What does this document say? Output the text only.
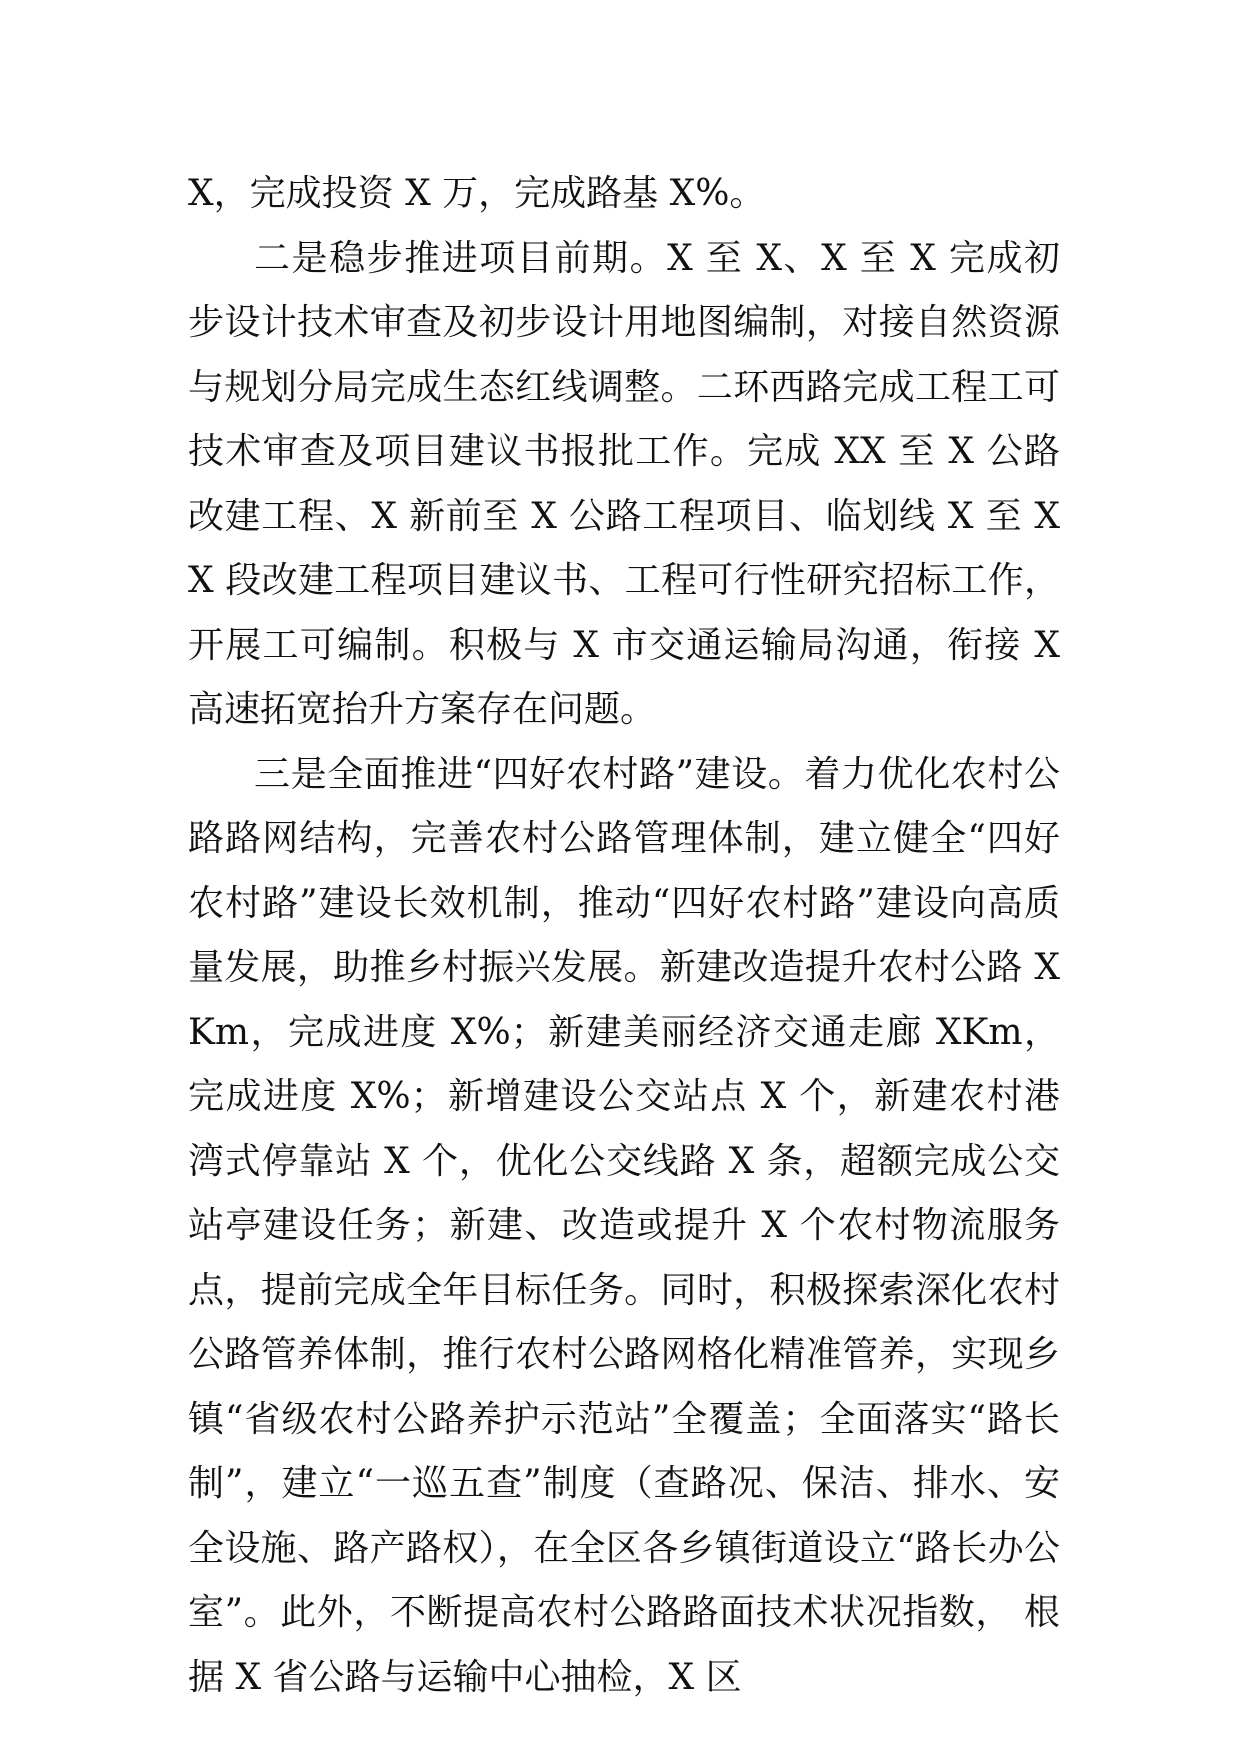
X，完成投资 X 万，完成路基 X%。

二是稳步推进项目前期。X 至 X、X 至 X 完成初步设计技术审查及初步设计用地图编制，对接自然资源与规划分局完成生态红线调整。二环西路完成工程工可技术审查及项目建议书报批工作。完成 XX 至 X 公路改建工程、X 新前至 X 公路工程项目、临划线 X 至 XX 段改建工程项目建议书、工程可行性研究招标工作，开展工可编制。积极与 X 市交通运输局沟通，衔接 X 高速拓宽抬升方案存在问题。

三是全面推进“四好农村路”建设。着力优化农村公路路网结构，完善农村公路管理体制，建立健全“四好农村路”建设长效机制，推动“四好农村路”建设向高质量发展，助推乡村振兴发展。新建改造提升农村公路 XKm，完成进度 X%；新建美丽经济交通走廊 XKm，完成进度 X%；新增建设公交站点 X 个，新建农村港湾式停靠站 X 个，优化公交线路 X 条，超额完成公交站亭建设任务；新建、改造或提升 X 个农村物流服务点，提前完成全年目标任务。同时，积极探索深化农村公路管养体制，推行农村公路网格化精准管养，实现乡镇“省级农村公路养护示范站”全覆盖；全面落实“路长制”，建立“一巡五查”制度（查路况、保洁、排水、安全设施、路产路权），在全区各乡镇街道设立“路长办公室”。此外，不断提高农村公路路面技术状况指数， 根据 X 省公路与运输中心抽检，X 区
